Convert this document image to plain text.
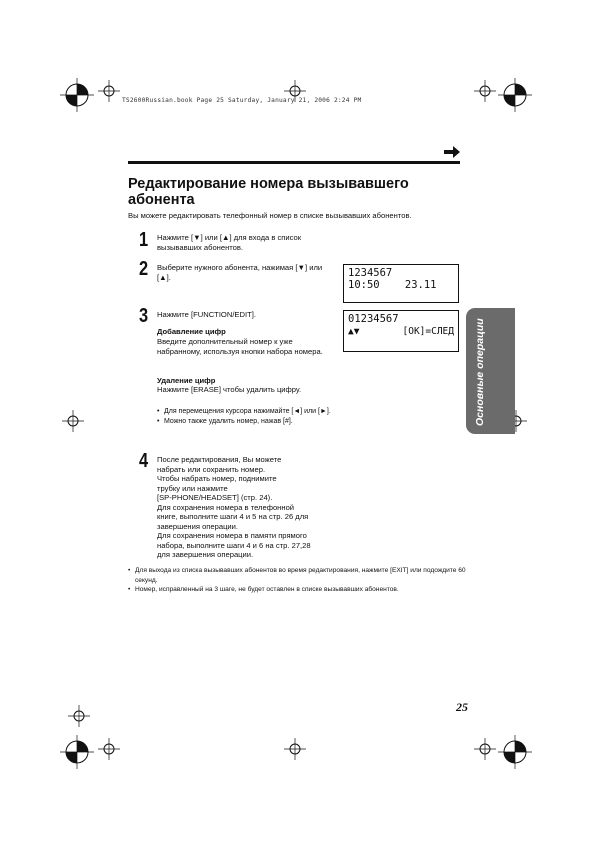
TS2600Russian.book Page 25 Saturday, January 21, 2006 2:24 PM
Редактирование номера вызывавшего абонента
Вы можете редактировать телефонный номер в списке вызывавших абонентов.
1 Нажмите [▼] или [▲] для входа в список вызывавших абонентов.
2 Выберите нужного абонента, нажимая [▼] или [▲].	1234567
10:50    23.11
3 Нажмите [FUNCTION/EDIT].
Добавление цифр
Введите дополнительный номер к уже набранному, используя кнопки набора номера.
Удаление цифр
Нажмите [ERASE] чтобы удалить цифру.
• Для перемещения курсора нажимайте [◄] или [►].
• Можно также удалить номер, нажав [#].
01234567
▲▼	[OK]=СЛЕД Основные операции
4 После редактирования, Вы можете
набрать или сохранить номер.
Чтобы набрать номер, поднимите
трубку или нажмите
[SP-PHONE/HEADSET] (стр. 24).
Для сохранения номера в телефонной
книге, выполните шаги 4 и 5 на стр. 26 для
завершения операции.
Для сохранения номера в памяти прямого
набора, выполните шаги 4 и 6 на стр. 27,28
для завершения операции.
• Для выхода из списка вызывавших абонентов во время редактирования, нажмите [EXIT] или подождите 60 секунд.
• Номер, исправленный на 3 шаге, не будет оставлен в списке вызывавших абонентов.
25
